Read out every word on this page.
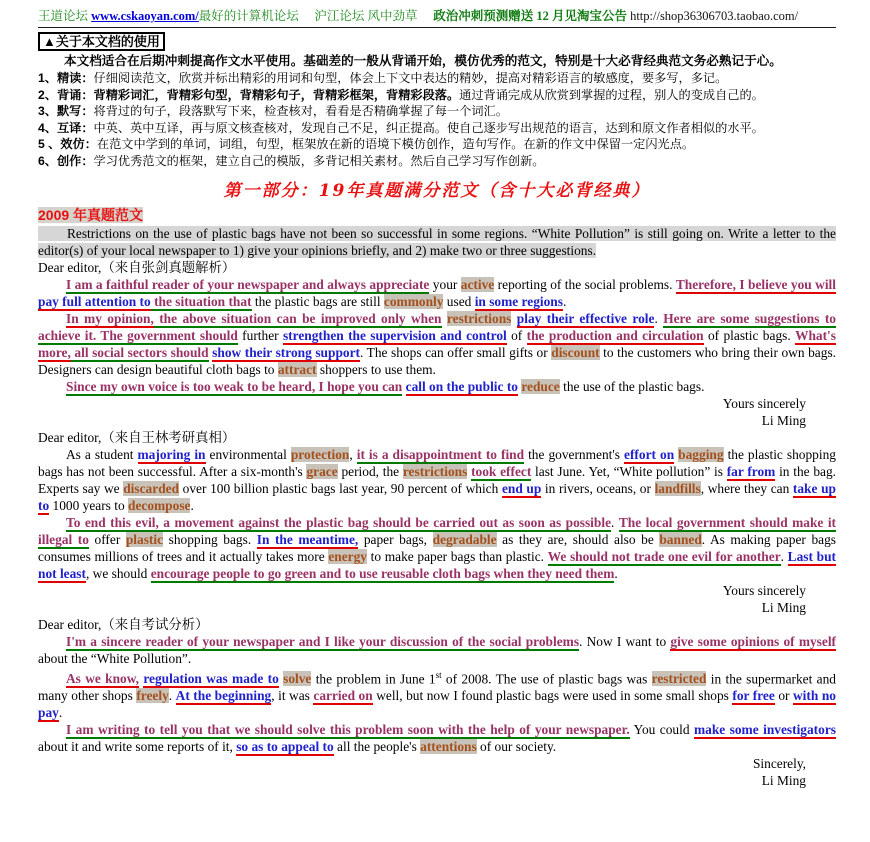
王道论坛 www.cskaoyan.com/最好的计算机论坛　 沪江论坛 风中劲草　 政治冲刺预测赠送 12 月见淘宝公告 http://shop36306703.taobao.com/
▲关于本文档的使用
本文档适合在后期冲刺提高作文水平使用。基础差的一般从背诵开始，模仿优秀的范文，特别是十大必背经典范文务必熟记于心。
1、精读：仔细阅读范文，欣赏并标出精彩的用词和句型，体会上下文中表达的精妙，提高对精彩语言的敏感度，要多写，多记。
2、背诵：背精彩词汇，背精彩句型，背精彩句子，背精彩框架，背精彩段落。通过背诵完成从欣赏到掌握的过程，别人的变成自己的。
3、默写：将背过的句子，段落默写下来，检查核对，看看是否精确掌握了每一个词汇。
4、互译：中英、英中互译，再与原文核查核对，发现自己不足，纠正提高。使自己逐步写出规范的语言，达到和原文作者相似的水平。
5 、效仿：在范文中学到的单词，词组，句型，框架放在新的语境下模仿创作，造句写作。在新的作文中保留一定闪光点。
6、创作：学习优秀范文的框架，建立自己的模版，多背记相关素材。然后自己学习写作创新。
第一部分：19年真题满分范文（含十大必背经典）
2009 年真题范文
　　Restrictions on the use of plastic bags have not been so successful in some regions. “White Pollution” is still going on. Write a letter to the editor(s) of your local newspaper to 1) give your opinions briefly, and 2) make two or three suggestions.
Dear editor,（来自张剑真题解析）
I am a faithful reader of your newspaper and always appreciate your active reporting of the social problems. Therefore, I believe you will pay full attention to the situation that the plastic bags are still commonly used in some regions.
In my opinion, the above situation can be improved only when restrictions play their effective role. Here are some suggestions to achieve it. The government should further strengthen the supervision and control of the production and circulation of plastic bags. What's more, all social sectors should show their strong support. The shops can offer small gifts or discount to the customers who bring their own bags. Designers can design beautiful cloth bags to attract shoppers to use them.
Since my own voice is too weak to be heard, I hope you can call on the public to reduce the use of the plastic bags.
Yours sincerely
Li Ming
Dear editor,（来自王林考研真相）
As a student majoring in environmental protection, it is a disappointment to find the government's effort on bagging the plastic shopping bags has not been successful. After a six-month's grace period, the restrictions took effect last June. Yet, “White pollution” is far from in the bag. Experts say we discarded over 100 billion plastic bags last year, 90 percent of which end up in rivers, oceans, or landfills, where they can take up to 1000 years to decompose.
To end this evil, a movement against the plastic bag should be carried out as soon as possible. The local government should make it illegal to offer plastic shopping bags. In the meantime, paper bags, degradable as they are, should also be banned. As making paper bags consumes millions of trees and it actually takes more energy to make paper bags than plastic. We should not trade one evil for another. Last but not least, we should encourage people to go green and to use reusable cloth bags when they need them.
Yours sincerely
Li Ming
Dear editor,（来自考试分析）
I'm a sincere reader of your newspaper and I like your discussion of the social problems. Now I want to give some opinions of myself about the “White Pollution”.
As we know, regulation was made to solve the problem in June 1st of 2008. The use of plastic bags was restricted in the supermarket and many other shops freely. At the beginning, it was carried on well, but now I found plastic bags were used in some small shops for free or with no pay.
I am writing to tell you that we should solve this problem soon with the help of your newspaper. You could make some investigators about it and write some reports of it, so as to appeal to all the people's attentions of our society.
Sincerely,
Li Ming
